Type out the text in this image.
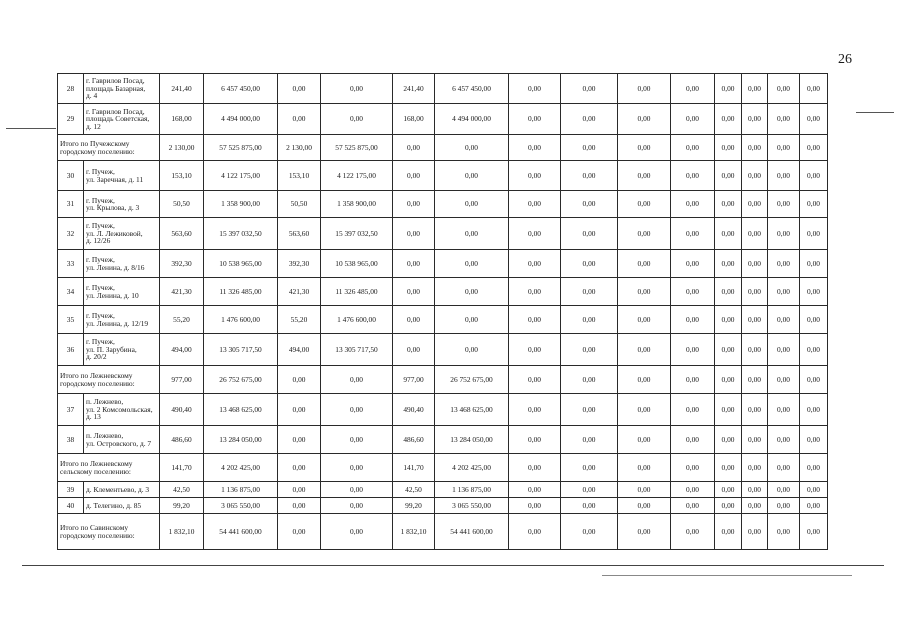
26
28	г. Гаврилов Посад,
площадь Базарная,
д. 4	241,40	6 457 450,00	0,00	0,00	241,40	6 457 450,00	0,00	0,00	0,00	0,00	0,00	0,00	0,00	0,00
29	г. Гаврилов Посад,
площадь Советская,
д. 12	168,00	4 494 000,00	0,00	0,00	168,00	4 494 000,00	0,00	0,00	0,00	0,00	0,00	0,00	0,00	0,00
Итого по Пучежскому
городскому поселению:		2 130,00	57 525 875,00	2 130,00	57 525 875,00	0,00	0,00	0,00	0,00	0,00	0,00	0,00	0,00	0,00	0,00
30	г. Пучеж,
ул. Заречная, д. 11	153,10	4 122 175,00	153,10	4 122 175,00	0,00	0,00	0,00	0,00	0,00	0,00	0,00	0,00	0,00	0,00
31	г. Пучеж,
ул. Крылова, д. 3	50,50	1 358 900,00	50,50	1 358 900,00	0,00	0,00	0,00	0,00	0,00	0,00	0,00	0,00	0,00	0,00
32	г. Пучеж,
ул. Л. Лежиковой,
д. 12/26	563,60	15 397 032,50	563,60	15 397 032,50	0,00	0,00	0,00	0,00	0,00	0,00	0,00	0,00	0,00	0,00
33	г. Пучеж,
ул. Ленина, д. 8/16	392,30	10 538 965,00	392,30	10 538 965,00	0,00	0,00	0,00	0,00	0,00	0,00	0,00	0,00	0,00	0,00
34	г. Пучеж,
ул. Ленина, д. 10	421,30	11 326 485,00	421,30	11 326 485,00	0,00	0,00	0,00	0,00	0,00	0,00	0,00	0,00	0,00	0,00
35	г. Пучеж,
ул. Ленина, д. 12/19	55,20	1 476 600,00	55,20	1 476 600,00	0,00	0,00	0,00	0,00	0,00	0,00	0,00	0,00	0,00	0,00
36	г. Пучеж,
ул. П. Зарубина,
д. 20/2	494,00	13 305 717,50	494,00	13 305 717,50	0,00	0,00	0,00	0,00	0,00	0,00	0,00	0,00	0,00	0,00
Итого по Лежневскому
городскому поселению:		977,00	26 752 675,00	0,00	0,00	977,00	26 752 675,00	0,00	0,00	0,00	0,00	0,00	0,00	0,00	0,00
37	п. Лежнево,
ул. 2 Комсомольская,
д. 13	490,40	13 468 625,00	0,00	0,00	490,40	13 468 625,00	0,00	0,00	0,00	0,00	0,00	0,00	0,00	0,00
38	п. Лежнево,
ул. Островского, д. 7	486,60	13 284 050,00	0,00	0,00	486,60	13 284 050,00	0,00	0,00	0,00	0,00	0,00	0,00	0,00	0,00
Итого по Лежневскому
сельскому поселению:		141,70	4 202 425,00	0,00	0,00	141,70	4 202 425,00	0,00	0,00	0,00	0,00	0,00	0,00	0,00	0,00
39	д. Клементьево, д. 3	42,50	1 136 875,00	0,00	0,00	42,50	1 136 875,00	0,00	0,00	0,00	0,00	0,00	0,00	0,00	0,00
40	д. Телегино, д. 85	99,20	3 065 550,00	0,00	0,00	99,20	3 065 550,00	0,00	0,00	0,00	0,00	0,00	0,00	0,00	0,00
Итого по Савинскому
городскому поселению:		1 832,10	54 441 600,00	0,00	0,00	1 832,10	54 441 600,00	0,00	0,00	0,00	0,00	0,00	0,00	0,00	0,00
